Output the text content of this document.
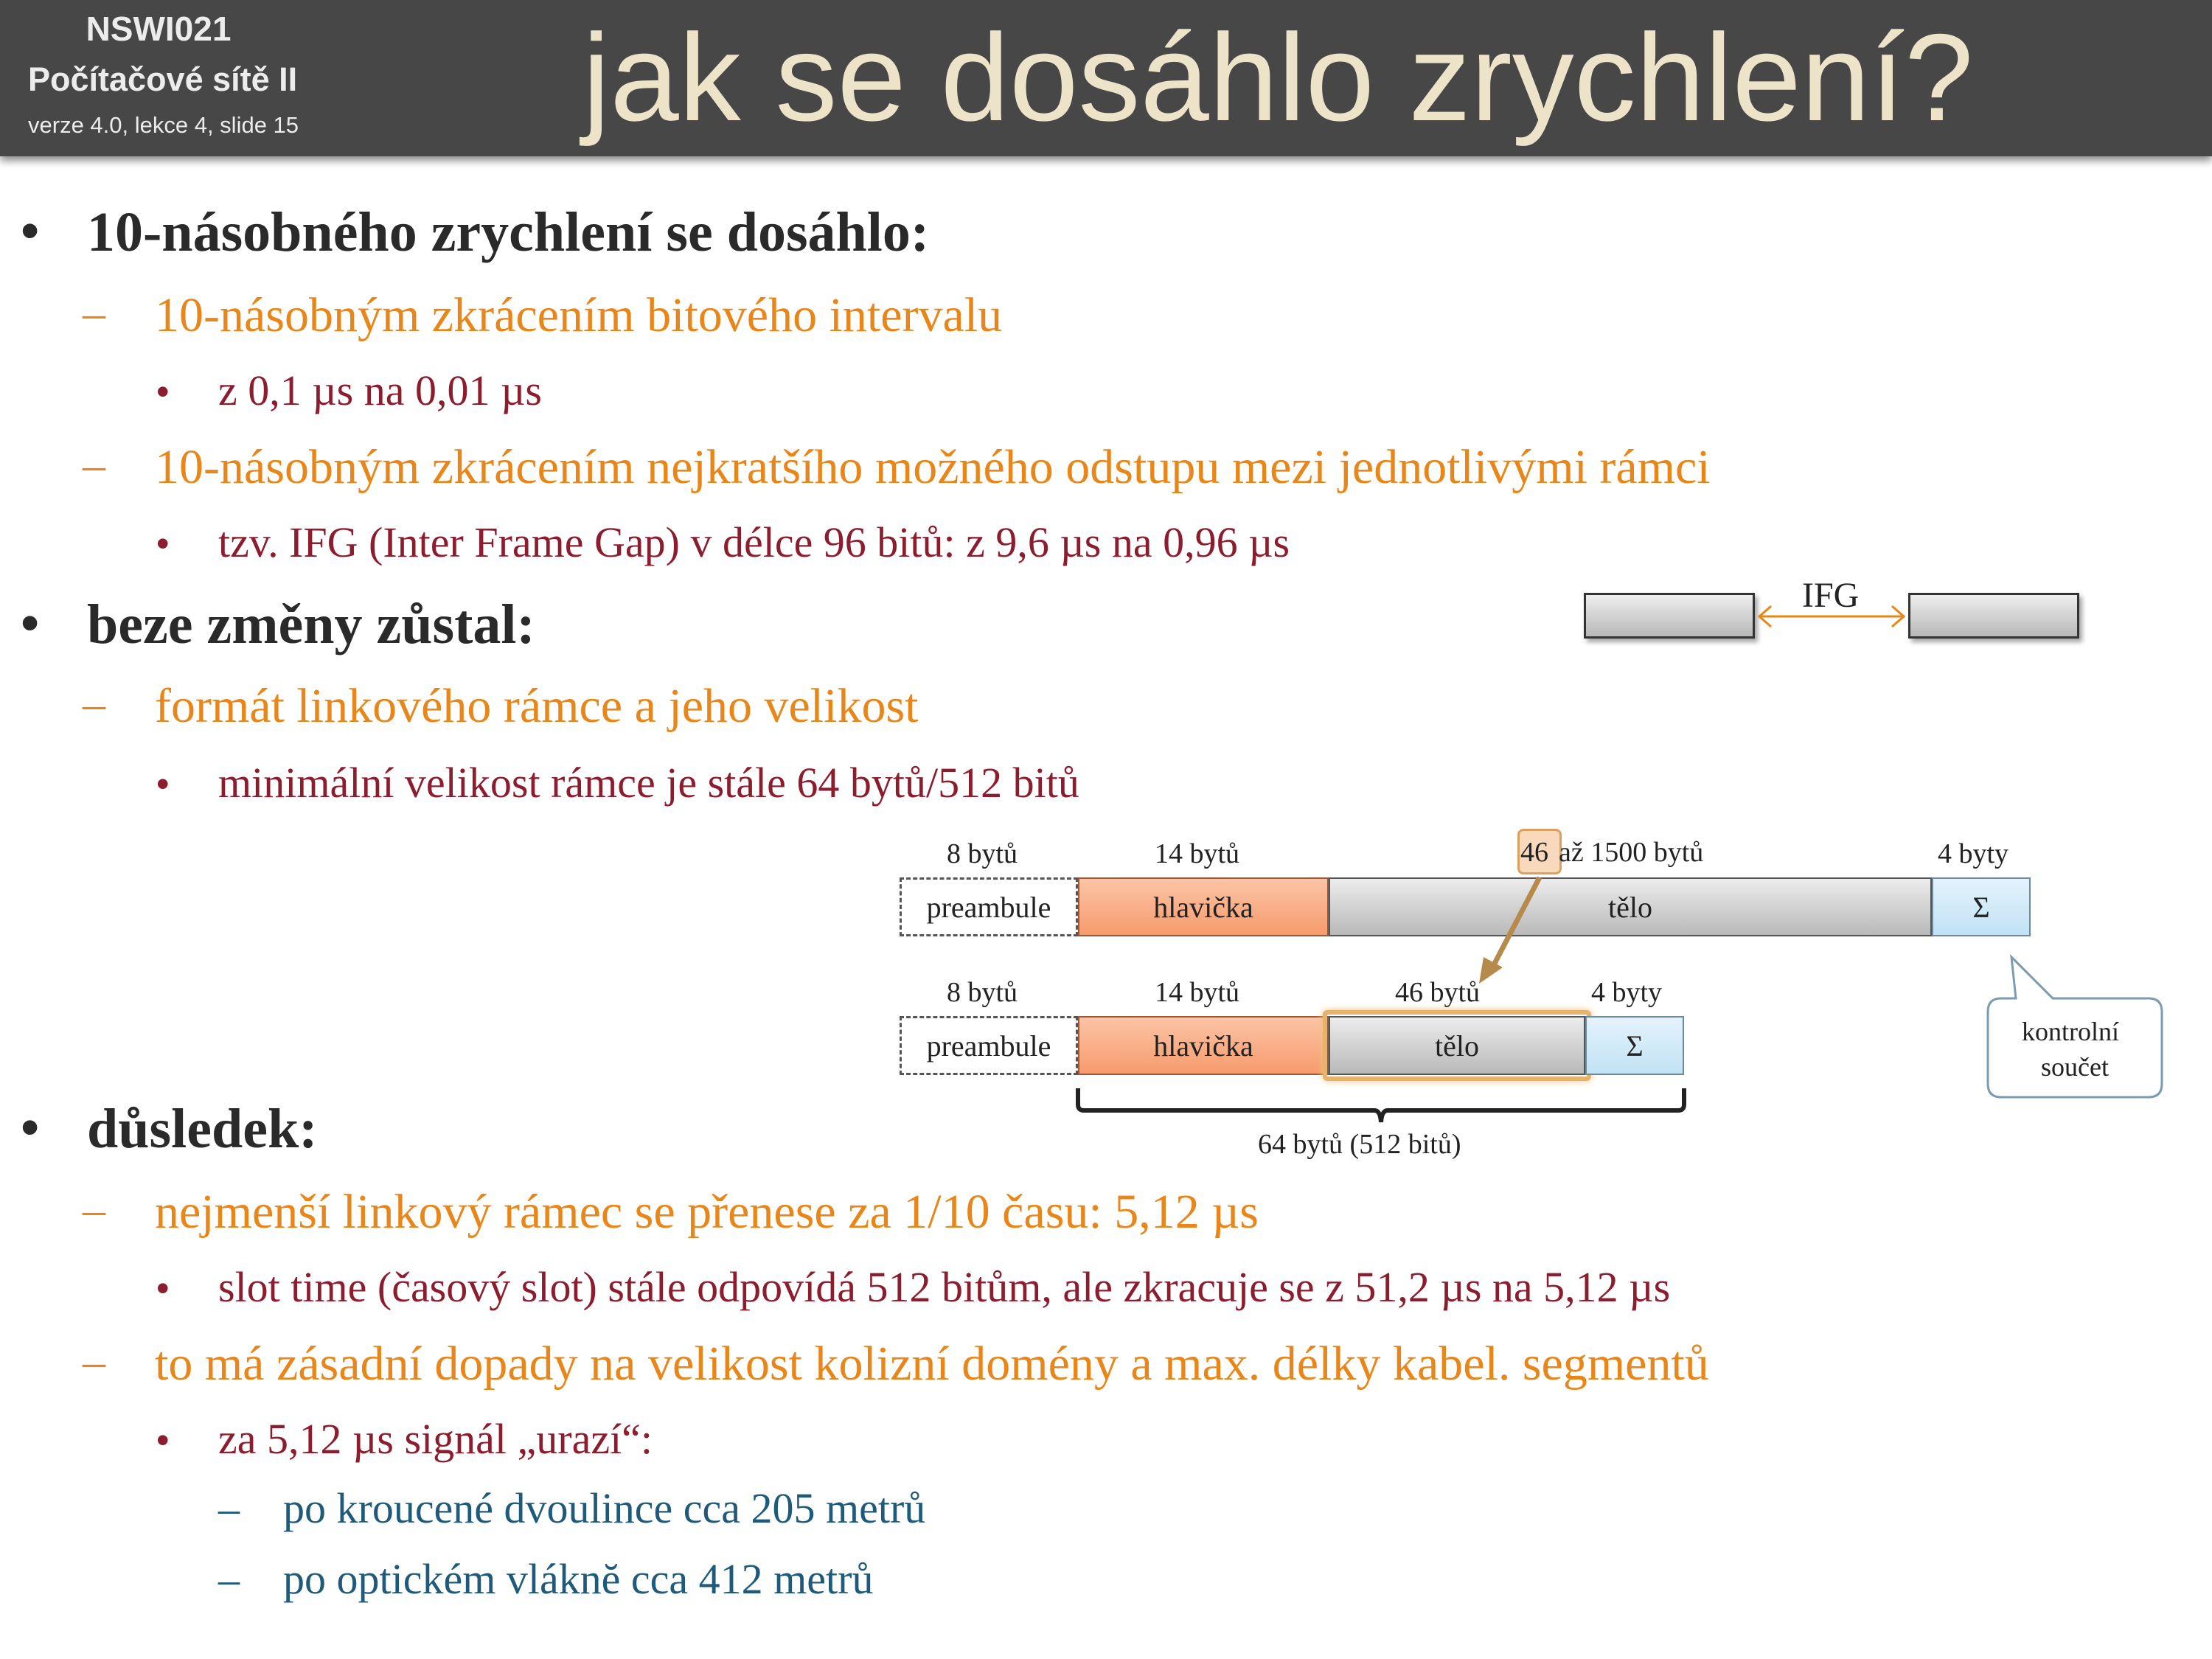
NSWI021
Počítačové sítě II
verze 4.0, lekce 4, slide 15 jak se dosáhlo zrychlení?
• 10-násobného zrychlení se dosáhlo:
– 10-násobným zkrácením bitového intervalu
• z 0,1 µs na 0,01 µs
– 10-násobným zkrácením nejkratšího možného odstupu mezi jednotlivými rámci
• tzv. IFG (Inter Frame Gap) v délce 96 bitů: z 9,6 µs na 0,96 µs
• beze změny zůstal:
– formát linkového rámce a jeho velikost
• minimální velikost rámce je stále 64 bytů/512 bitů
• důsledek:
– nejmenší linkový rámec se přenese za 1/10 času: 5,12 µs
• slot time (časový slot) stále odpovídá 512 bitům, ale zkracuje se z 51,2 µs na 5,12 µs
– to má zásadní dopady na velikost kolizní domény a max. délky kabel. segmentů
• za 5,12 µs signál „urazí“:
– po kroucené dvoulince cca 205 metrů
– po optickém vláknĕ cca 412 metrů
IFG
8 bytů	14 bytů	46 až 1500 bytů	4 byty
preambule	hlavička	tělo	Σ
8 bytů	14 bytů	46 bytů	4 byty
preambule	hlavička	tělo	Σ
64 bytů (512 bitů)
kontrolní
součet
